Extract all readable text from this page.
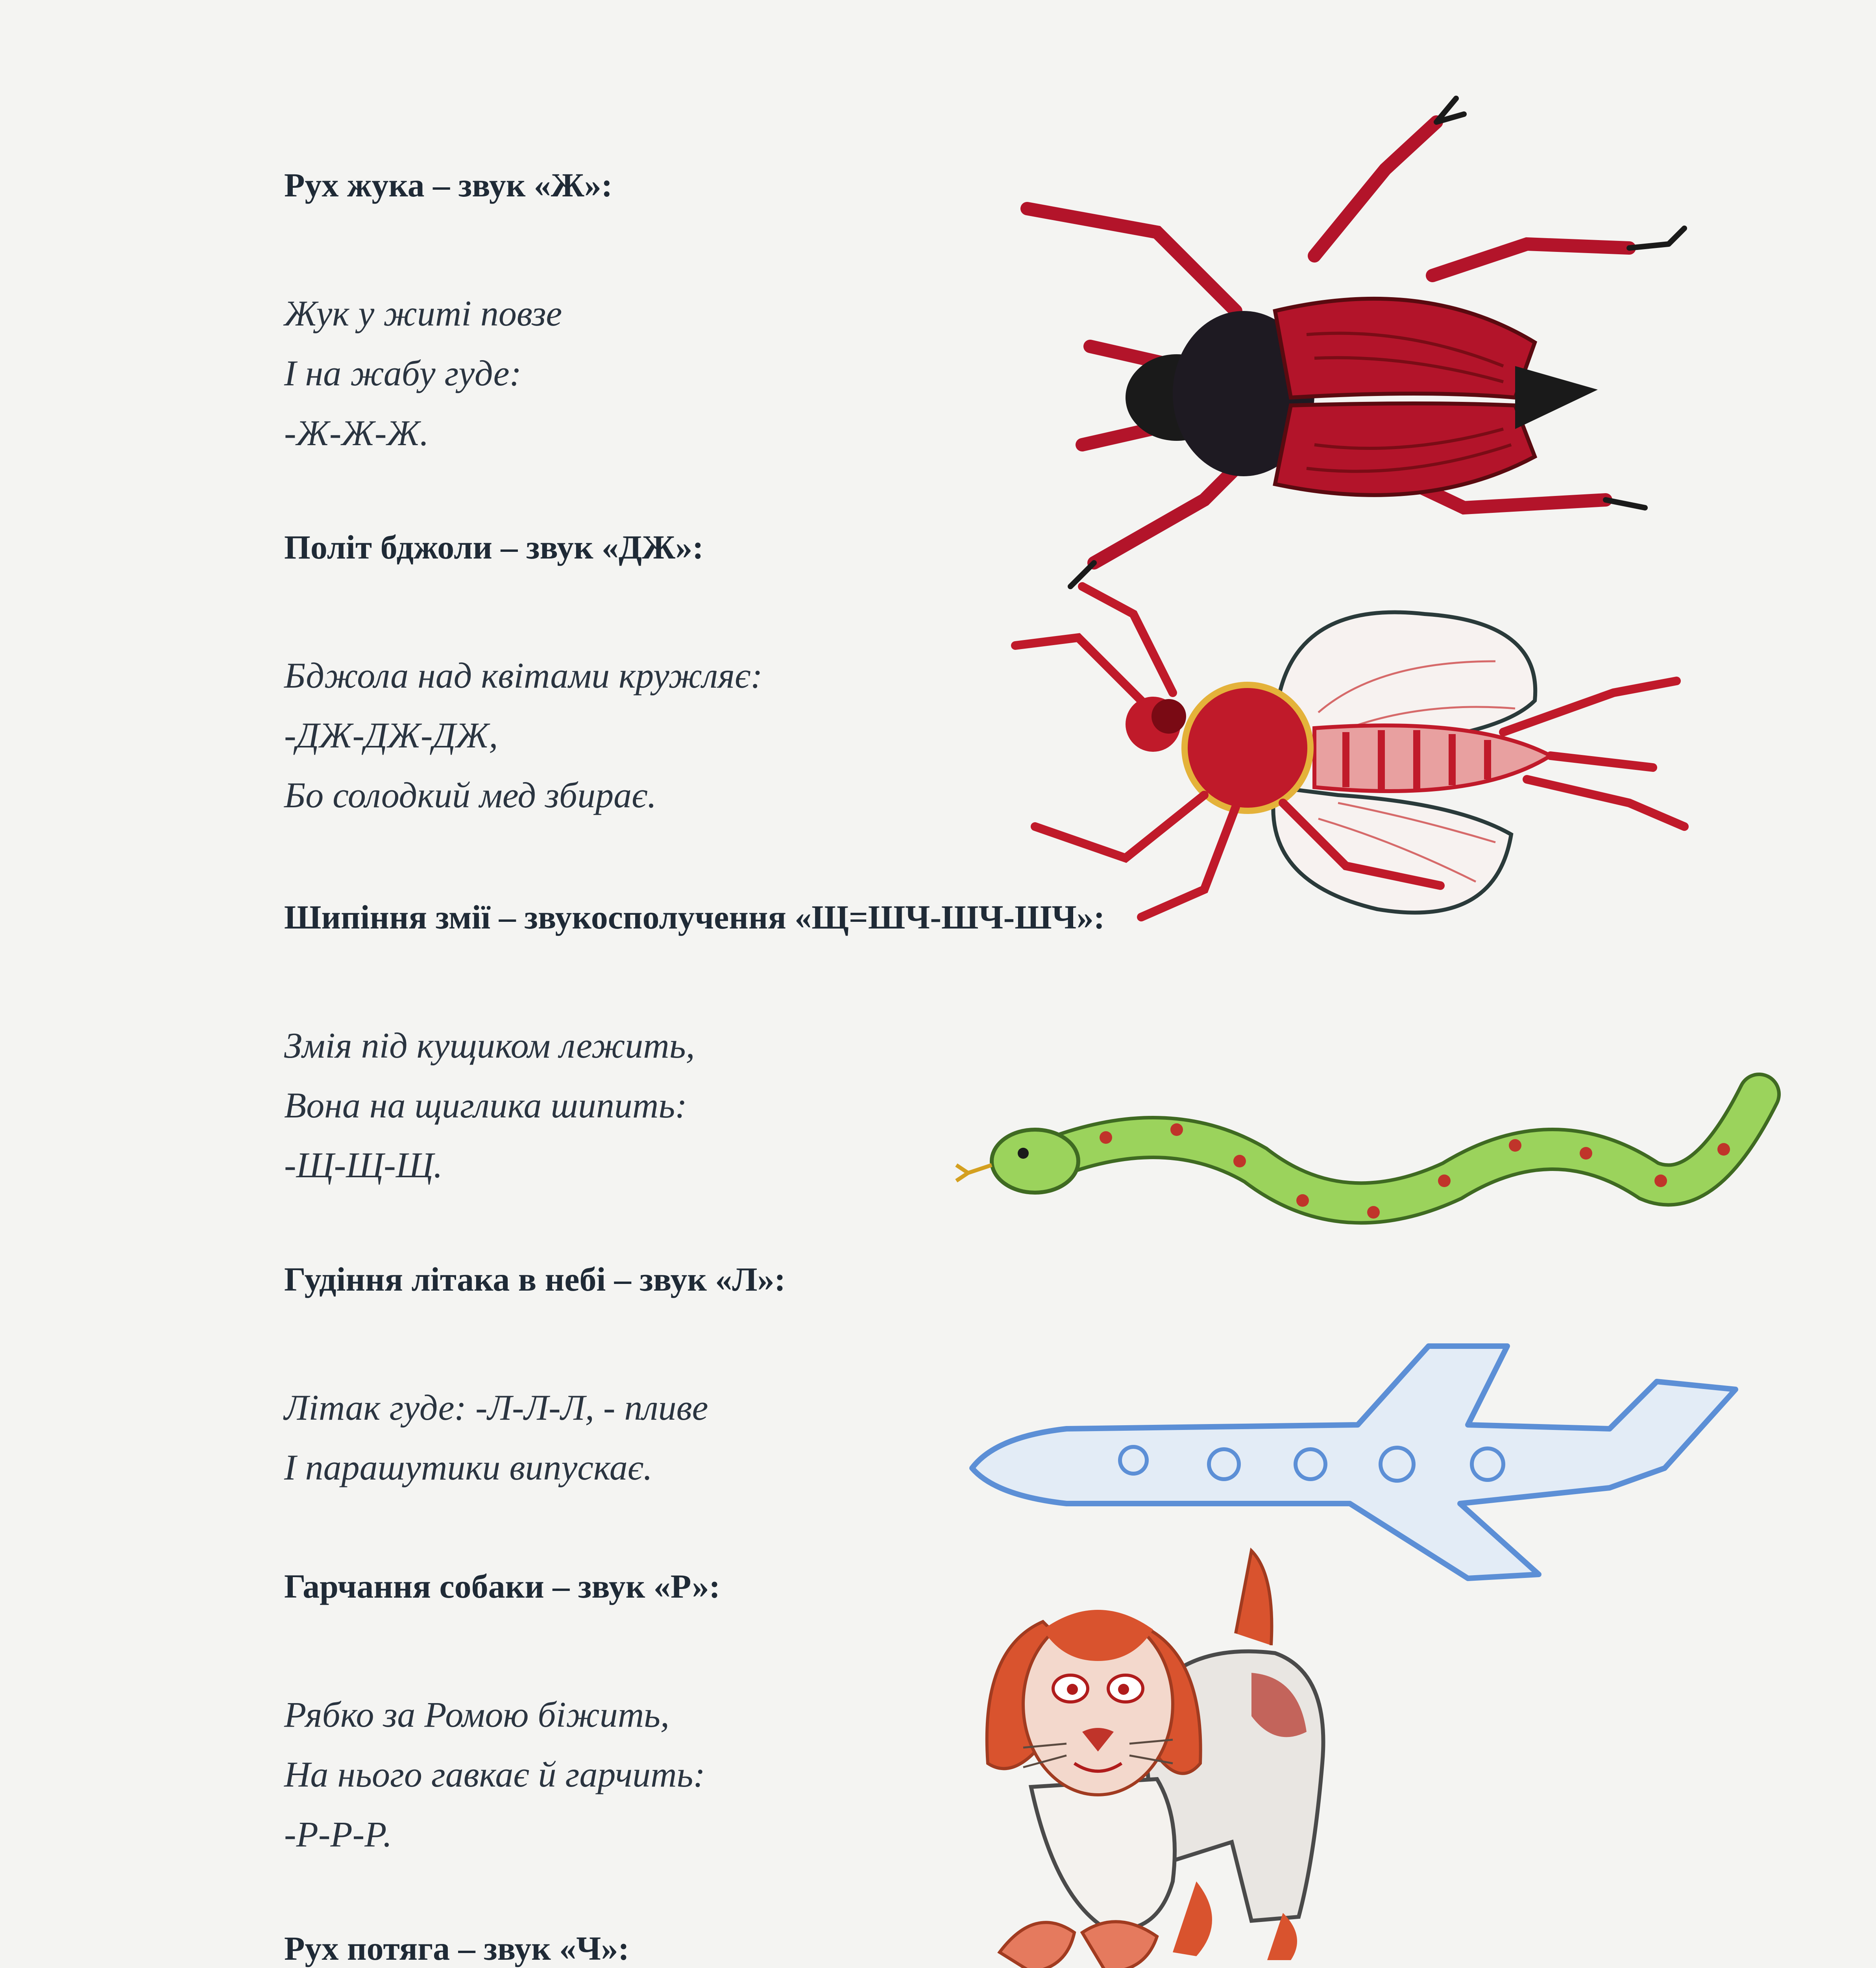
Рух жука – звук «Ж»:
Жук у житі повзе
І на жабу гуде:
-Ж-Ж-Ж.
Політ бджоли – звук «ДЖ»:
Бджола над квітами кружляє:
-ДЖ-ДЖ-ДЖ,
Бо солодкий мед збирає.
Шипіння змії – звукосполучення «Щ=ШЧ-ШЧ-ШЧ»:
Змія під кущиком лежить,
Вона на щиглика шипить:
-Щ-Щ-Щ.
Гудіння літака в небі – звук «Л»:
Літак гуде: -Л-Л-Л, - пливе
І парашутики випускає.
Гарчання собаки – звук «Р»:
Рябко за Ромою біжить,
На нього гавкає й гарчить:
-Р-Р-Р.
Рух потяга – звук «Ч»:
